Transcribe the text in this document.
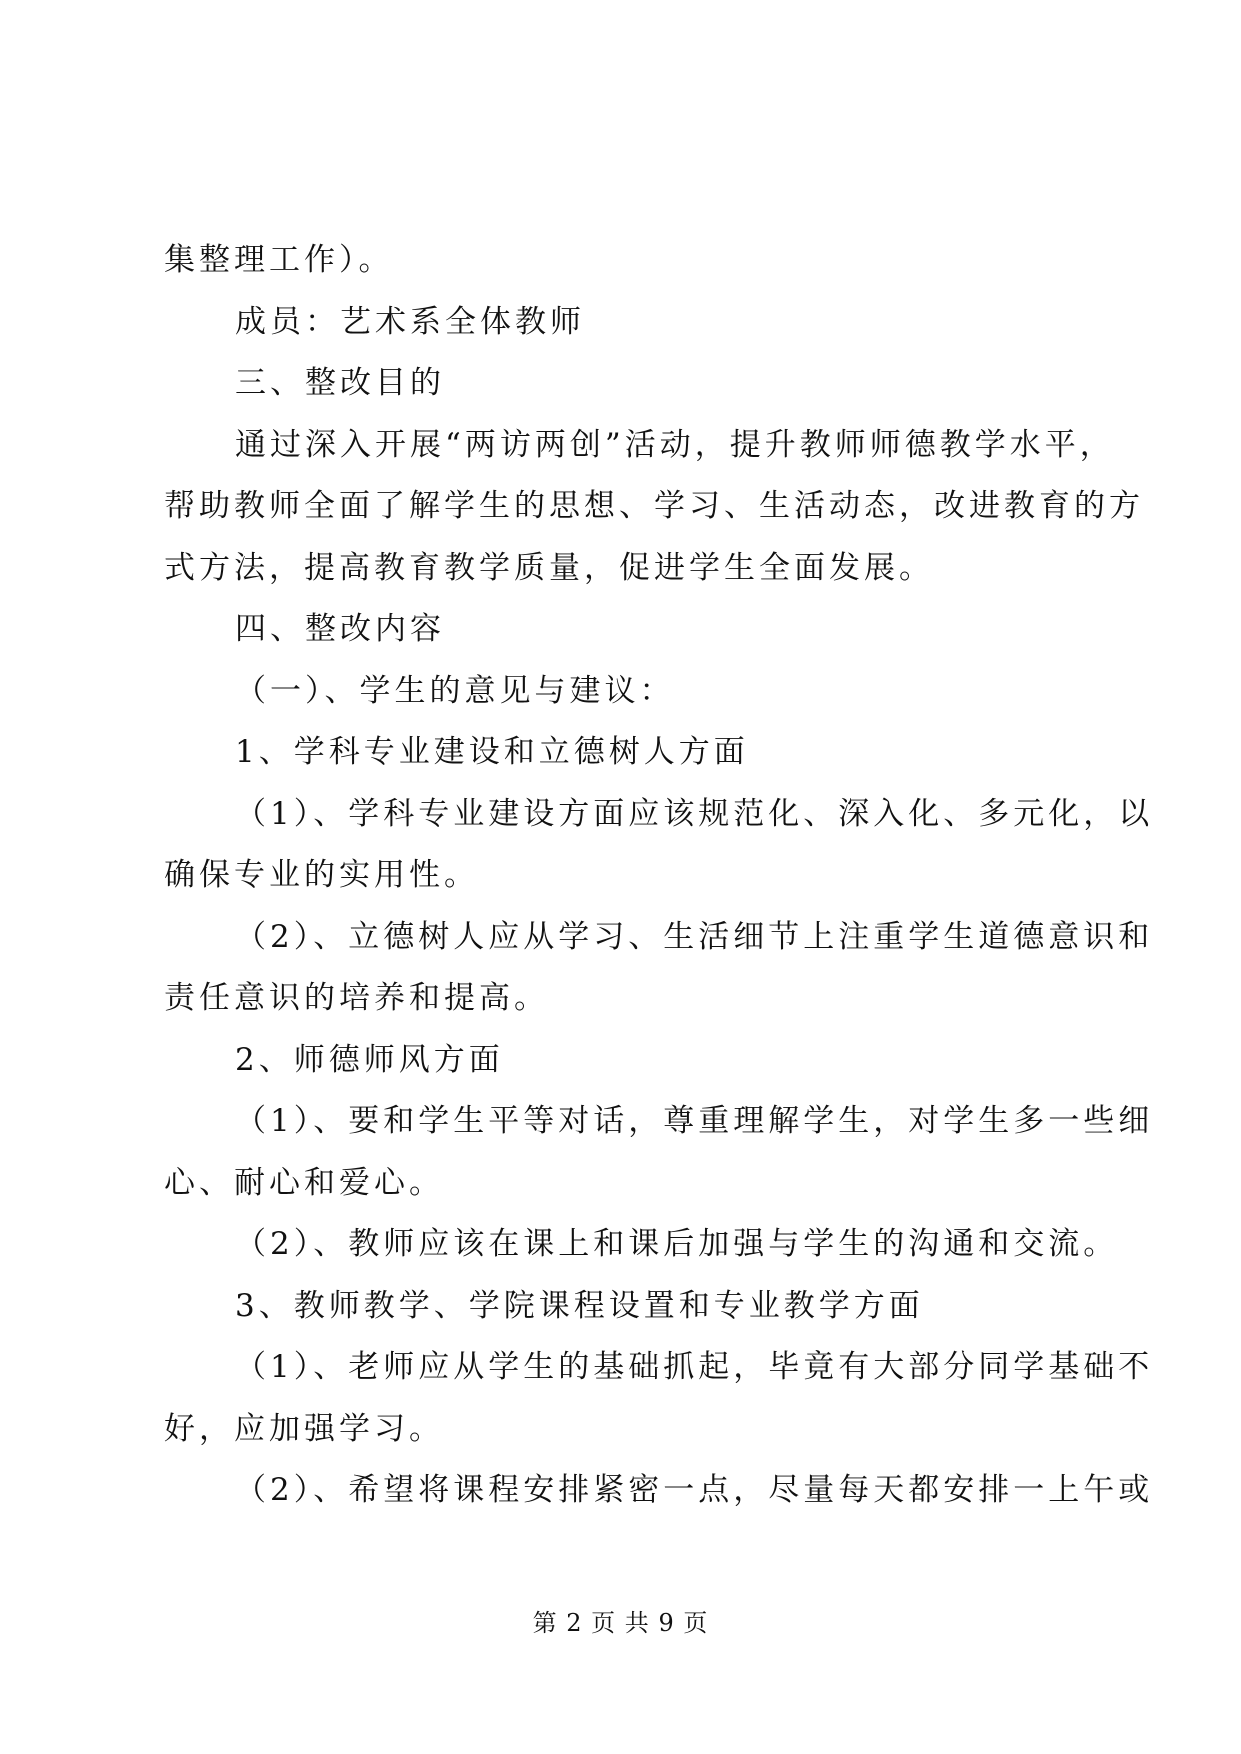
集整理工作）。
成员：艺术系全体教师
三、整改目的
通过深入开展“两访两创”活动，提升教师师德教学水平，
帮助教师全面了解学生的思想、学习、生活动态，改进教育的方
式方法，提高教育教学质量，促进学生全面发展。
四、整改内容
（一）、学生的意见与建议：
1、学科专业建设和立德树人方面
（1）、学科专业建设方面应该规范化、深入化、多元化，以
确保专业的实用性。
（2）、立德树人应从学习、生活细节上注重学生道德意识和
责任意识的培养和提高。
2、师德师风方面
（1）、要和学生平等对话，尊重理解学生，对学生多一些细
心、耐心和爱心。
（2）、教师应该在课上和课后加强与学生的沟通和交流。
3、教师教学、学院课程设置和专业教学方面
（1）、老师应从学生的基础抓起，毕竟有大部分同学基础不
好，应加强学习。
（2）、希望将课程安排紧密一点，尽量每天都安排一上午或
第 2 页 共 9 页
